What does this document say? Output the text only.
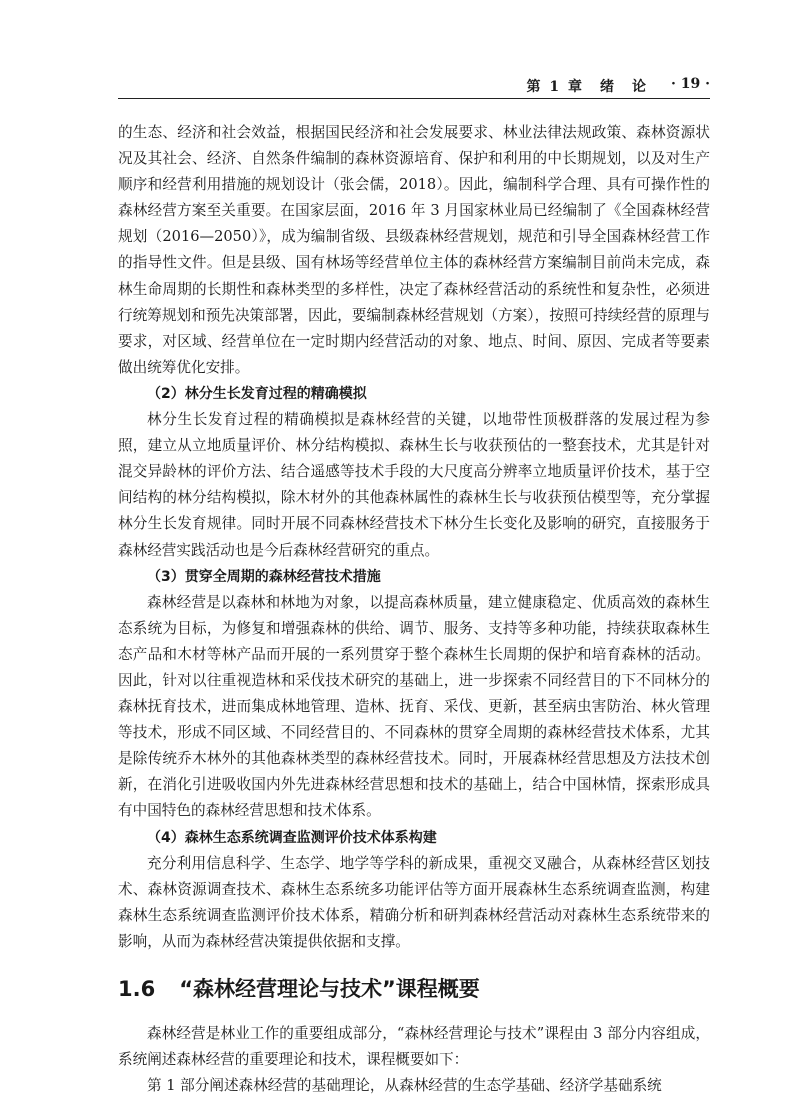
第 1 章　绪　论 · 19 ·

的生态、经济和社会效益，根据国民经济和社会发展要求、林业法律法规政策、森林资源状况及其社会、经济、自然条件编制的森林资源培育、保护和利用的中长期规划，以及对生产顺序和经营利用措施的规划设计（张会儒，2018）。因此，编制科学合理、具有可操作性的森林经营方案至关重要。在国家层面，2016 年 3 月国家林业局已经编制了《全国森林经营规划（2016—2050）》，成为编制省级、县级森林经营规划，规范和引导全国森林经营工作的指导性文件。但是县级、国有林场等经营单位主体的森林经营方案编制目前尚未完成，森林生命周期的长期性和森林类型的多样性，决定了森林经营活动的系统性和复杂性，必须进行统筹规划和预先决策部署，因此，要编制森林经营规划（方案），按照可持续经营的原理与要求，对区域、经营单位在一定时期内经营活动的对象、地点、时间、原因、完成者等要素做出统筹优化安排。

（2）林分生长发育过程的精确模拟

林分生长发育过程的精确模拟是森林经营的关键，以地带性顶极群落的发展过程为参照，建立从立地质量评价、林分结构模拟、森林生长与收获预估的一整套技术，尤其是针对混交异龄林的评价方法、结合遥感等技术手段的大尺度高分辨率立地质量评价技术，基于空间结构的林分结构模拟，除木材外的其他森林属性的森林生长与收获预估模型等，充分掌握林分生长发育规律。同时开展不同森林经营技术下林分生长变化及影响的研究，直接服务于森林经营实践活动也是今后森林经营研究的重点。

（3）贯穿全周期的森林经营技术措施

森林经营是以森林和林地为对象，以提高森林质量，建立健康稳定、优质高效的森林生态系统为目标，为修复和增强森林的供给、调节、服务、支持等多种功能，持续获取森林生态产品和木材等林产品而开展的一系列贯穿于整个森林生长周期的保护和培育森林的活动。因此，针对以往重视造林和采伐技术研究的基础上，进一步探索不同经营目的下不同林分的森林抚育技术，进而集成林地管理、造林、抚育、采伐、更新，甚至病虫害防治、林火管理等技术，形成不同区域、不同经营目的、不同森林的贯穿全周期的森林经营技术体系，尤其是除传统乔木林外的其他森林类型的森林经营技术。同时，开展森林经营思想及方法技术创新，在消化引进吸收国内外先进森林经营思想和技术的基础上，结合中国林情，探索形成具有中国特色的森林经营思想和技术体系。

（4）森林生态系统调查监测评价技术体系构建

充分利用信息科学、生态学、地学等学科的新成果，重视交叉融合，从森林经营区划技术、森林资源调查技术、森林生态系统多功能评估等方面开展森林生态系统调查监测，构建森林生态系统调查监测评价技术体系，精确分析和研判森林经营活动对森林生态系统带来的影响，从而为森林经营决策提供依据和支撑。

1.6 “森林经营理论与技术”课程概要

森林经营是林业工作的重要组成部分，“森林经营理论与技术”课程由 3 部分内容组成，系统阐述森林经营的重要理论和技术，课程概要如下：

第 1 部分阐述森林经营的基础理论，从森林经营的生态学基础、经济学基础系统
